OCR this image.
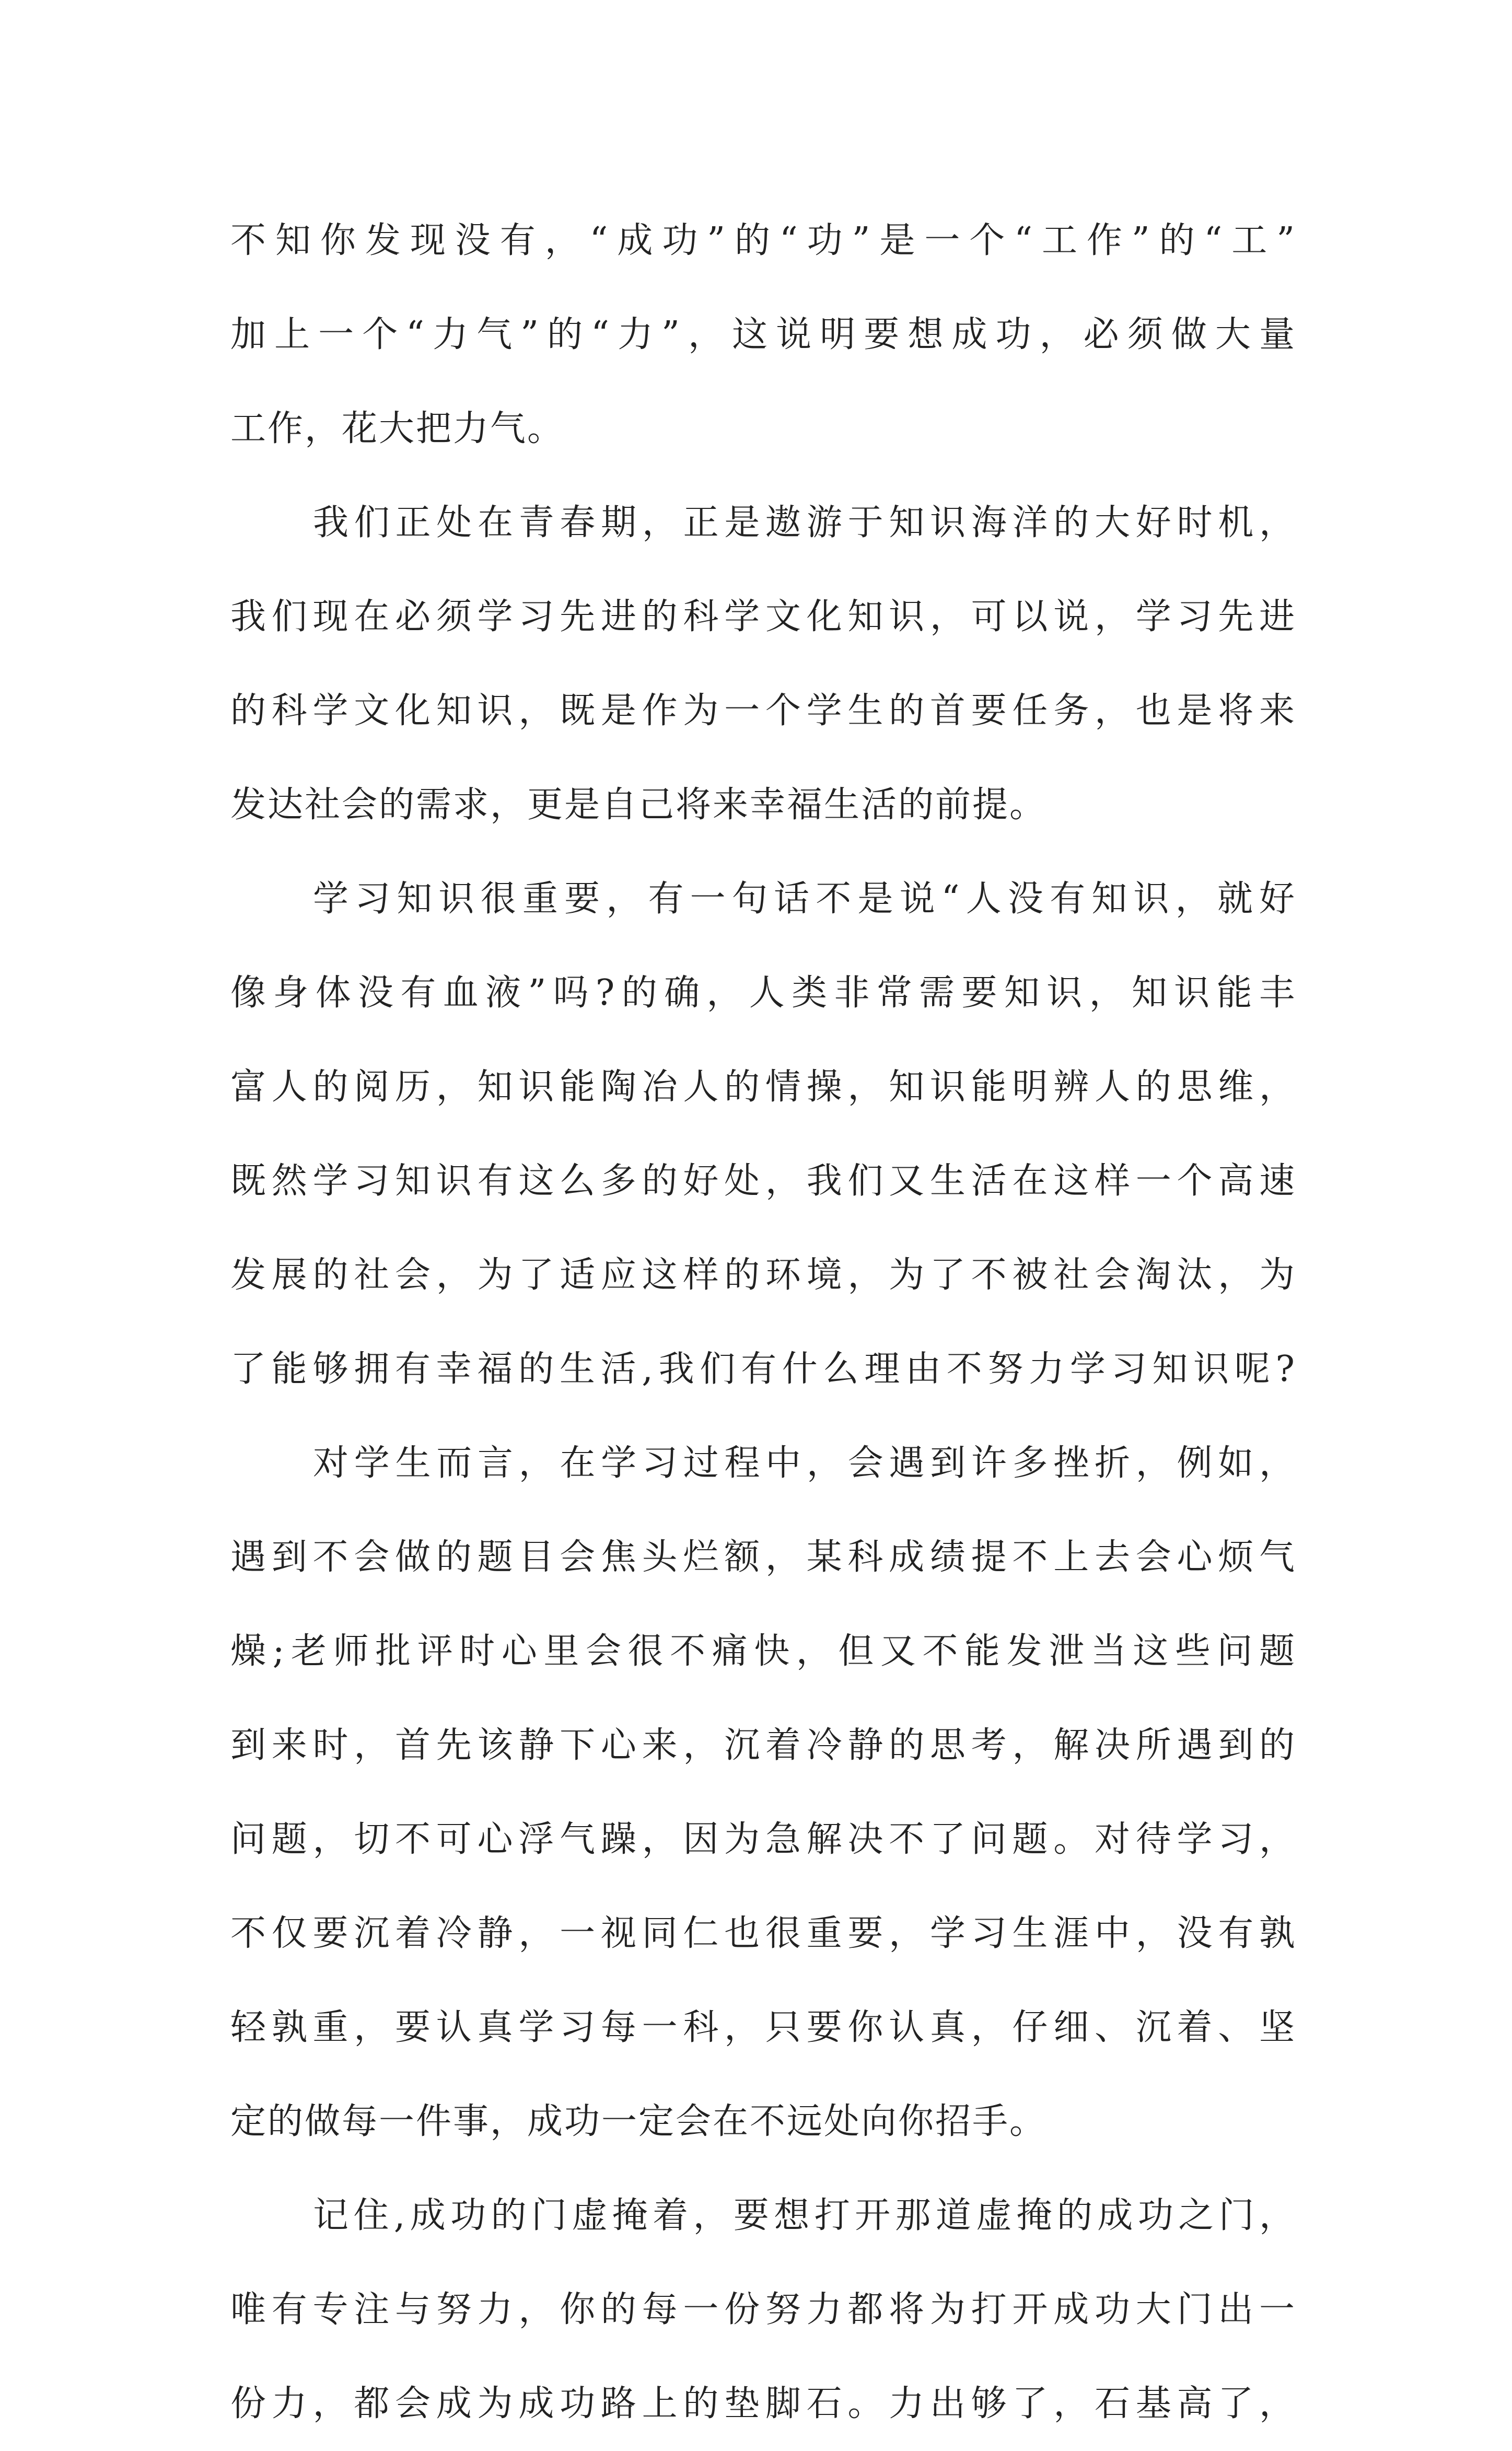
不知你发现没有，“成功”的“功”是一个“工作”的“工”
加上一个“力气”的“力”，这说明要想成功，必须做大量
工作，花大把力气。
我们正处在青春期，正是遨游于知识海洋的大好时机，
我们现在必须学习先进的科学文化知识，可以说，学习先进
的科学文化知识，既是作为一个学生的首要任务，也是将来
发达社会的需求，更是自己将来幸福生活的前提。
学习知识很重要，有一句话不是说“人没有知识，就好
像身体没有血液”吗?的确，人类非常需要知识，知识能丰
富人的阅历，知识能陶冶人的情操，知识能明辨人的思维，
既然学习知识有这么多的好处，我们又生活在这样一个高速
发展的社会，为了适应这样的环境，为了不被社会淘汰，为
了能够拥有幸福的生活,我们有什么理由不努力学习知识呢?
对学生而言，在学习过程中，会遇到许多挫折，例如，
遇到不会做的题目会焦头烂额，某科成绩提不上去会心烦气
燥;老师批评时心里会很不痛快，但又不能发泄当这些问题
到来时，首先该静下心来，沉着冷静的思考，解决所遇到的
问题，切不可心浮气躁，因为急解决不了问题。对待学习，
不仅要沉着冷静，一视同仁也很重要，学习生涯中，没有孰
轻孰重，要认真学习每一科，只要你认真，仔细、沉着、坚
定的做每一件事，成功一定会在不远处向你招手。
记住,成功的门虚掩着，要想打开那道虚掩的成功之门，
唯有专注与努力，你的每一份努力都将为打开成功大门出一
份力，都会成为成功路上的垫脚石。力出够了，石基高了，
